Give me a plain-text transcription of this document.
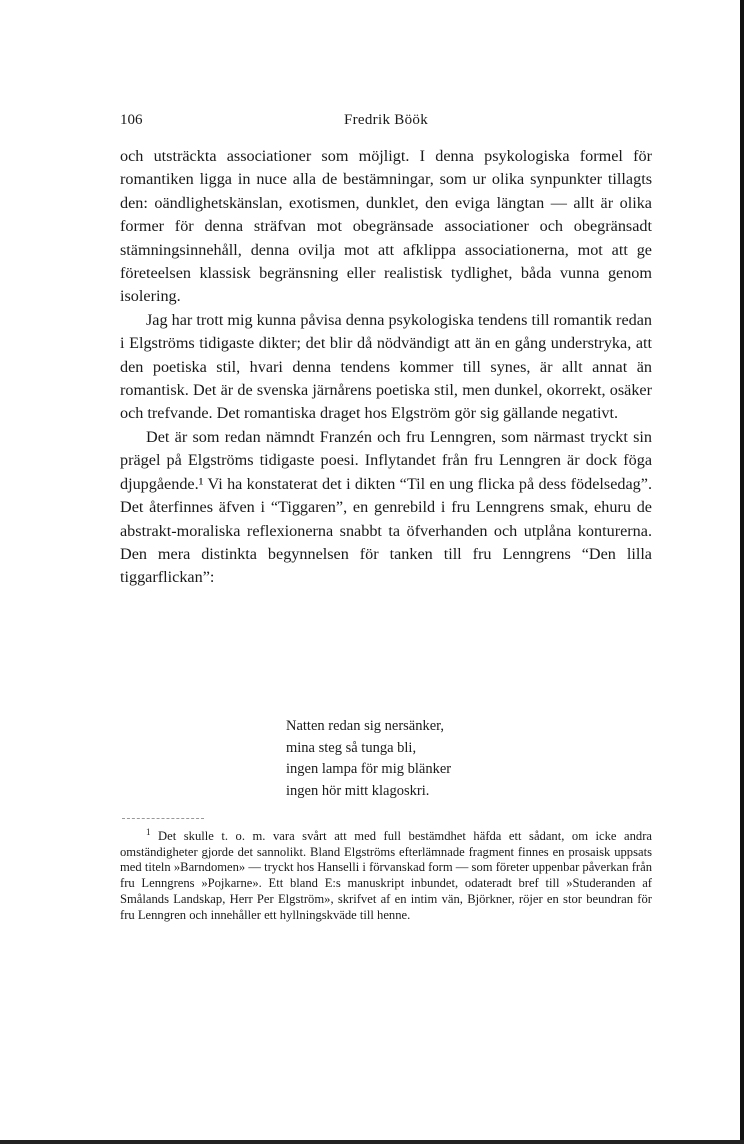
106	Fredrik Böök

och utsträckta associationer som möjligt. I denna psykologiska formel för romantiken ligga in nuce alla de bestämningar, som ur olika synpunkter tillagts den: oändlighetskänslan, exotismen, dunklet, den eviga längtan — allt är olika former för denna sträfvan mot obegränsade associationer och obegränsadt stämningsinnehåll, denna ovilja mot att afklippa associationerna, mot att ge företeelsen klassisk begränsning eller realistisk tydlighet, båda vunna genom isolering.

Jag har trott mig kunna påvisa denna psykologiska tendens till romantik redan i Elgströms tidigaste dikter; det blir då nödvändigt att än en gång understryka, att den poetiska stil, hvari denna tendens kommer till synes, är allt annat än romantisk. Det är de svenska järnårens poetiska stil, men dunkel, okorrekt, osäker och trefvande. Det romantiska draget hos Elgström gör sig gällande negativt.

Det är som redan nämndt Franzén och fru Lenngren, som närmast tryckt sin prägel på Elgströms tidigaste poesi. Inflytandet från fru Lenngren är dock föga djupgående.¹ Vi ha konstaterat det i dikten “Til en ung flicka på dess födelsedag”. Det återfinnes äfven i “Tiggaren”, en genrebild i fru Lenngrens smak, ehuru de abstrakt-moraliska reflexionerna snabbt ta öfverhanden och utplåna konturerna. Den mera distinkta begynnelsen för tanken till fru Lenngrens “Den lilla tiggarflickan”:

Natten redan sig nersänker,
mina steg så tunga bli,
ingen lampa för mig blänker
ingen hör mitt klagoskri.
$^1$ Det skulle t. o. m. vara svårt att med full bestämdhet häfda ett sådant, om icke andra omständigheter gjorde det sannolikt. Bland Elgströms efterlämnade fragment finnes en prosaisk uppsats med titeln »Barndomen» — tryckt hos Hanselli i förvanskad form — som företer uppenbar påverkan från fru Lenngrens »Pojkarne». Ett bland E:s manuskript inbundet, odateradt bref till »Studeranden af Smålands Landskap, Herr Per Elgström», skrifvet af en intim vän, Björkner, röjer en stor beundran för fru Lenngren och innehåller ett hyllningskväde till henne.
